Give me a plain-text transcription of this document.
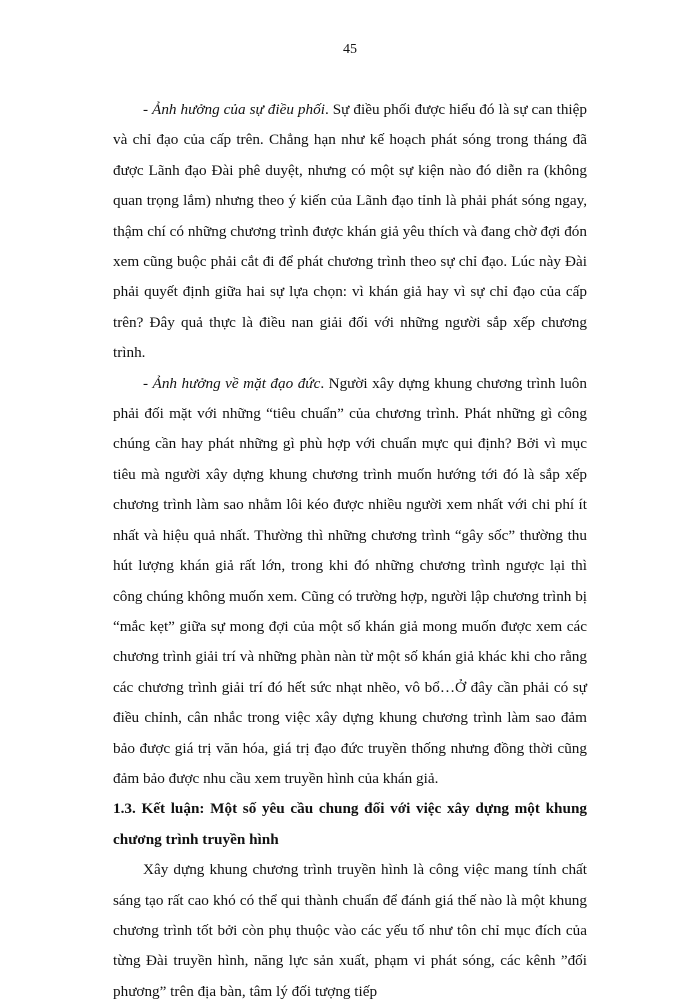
45

- Ảnh hưởng của sự điều phối. Sự điều phối được hiểu đó là sự can thiệp và chỉ đạo của cấp trên. Chẳng hạn như kế hoạch phát sóng trong tháng đã được Lãnh đạo Đài phê duyệt, nhưng có một sự kiện nào đó diễn ra (không quan trọng lắm) nhưng theo ý kiến của Lãnh đạo tỉnh là phải phát sóng ngay, thậm chí có những chương trình được khán giả yêu thích và đang chờ đợi đón xem cũng buộc phải cắt đi để phát chương trình theo sự chỉ đạo. Lúc này Đài phải quyết định giữa hai sự lựa chọn: vì khán giả hay vì sự chỉ đạo của cấp trên? Đây quả thực là điều nan giải đối với những người sắp xếp chương trình.

- Ảnh hưởng về mặt đạo đức. Người xây dựng khung chương trình luôn phải đối mặt với những “tiêu chuẩn” của chương trình. Phát những gì công chúng cần hay phát những gì phù hợp với chuẩn mực qui định? Bởi vì mục tiêu mà người xây dựng khung chương trình muốn hướng tới đó là sắp xếp chương trình làm sao nhằm lôi kéo được nhiều người xem nhất với chi phí ít nhất và hiệu quả nhất. Thường thì những chương trình “gây sốc” thường thu hút lượng khán giả rất lớn, trong khi đó những chương trình ngược lại thì công chúng không muốn xem. Cũng có trường hợp, người lập chương trình bị “mắc kẹt” giữa sự mong đợi của một số khán giả mong muốn được xem các chương trình giải trí và những phàn nàn từ một số khán giả khác khi cho rằng các chương trình giải trí đó hết sức nhạt nhẽo, vô bổ…Ở đây cần phải có sự điều chỉnh, cân nhắc trong việc xây dựng khung chương trình làm sao đảm bảo được giá trị văn hóa, giá trị đạo đức truyền thống nhưng đồng thời cũng đảm bảo được nhu cầu xem truyền hình của khán giả.

1.3. Kết luận: Một số yêu cầu chung đối với việc xây dựng một khung chương trình truyền hình

Xây dựng khung chương trình truyền hình là công việc mang tính chất sáng tạo rất cao khó có thể qui thành chuẩn để đánh giá thế nào là một khung chương trình tốt bởi còn phụ thuộc vào các yếu tố như tôn chỉ mục đích của từng Đài truyền hình, năng lực sản xuất, phạm vi phát sóng, các kênh ”đối phương” trên địa bàn, tâm lý đối tượng tiếp
